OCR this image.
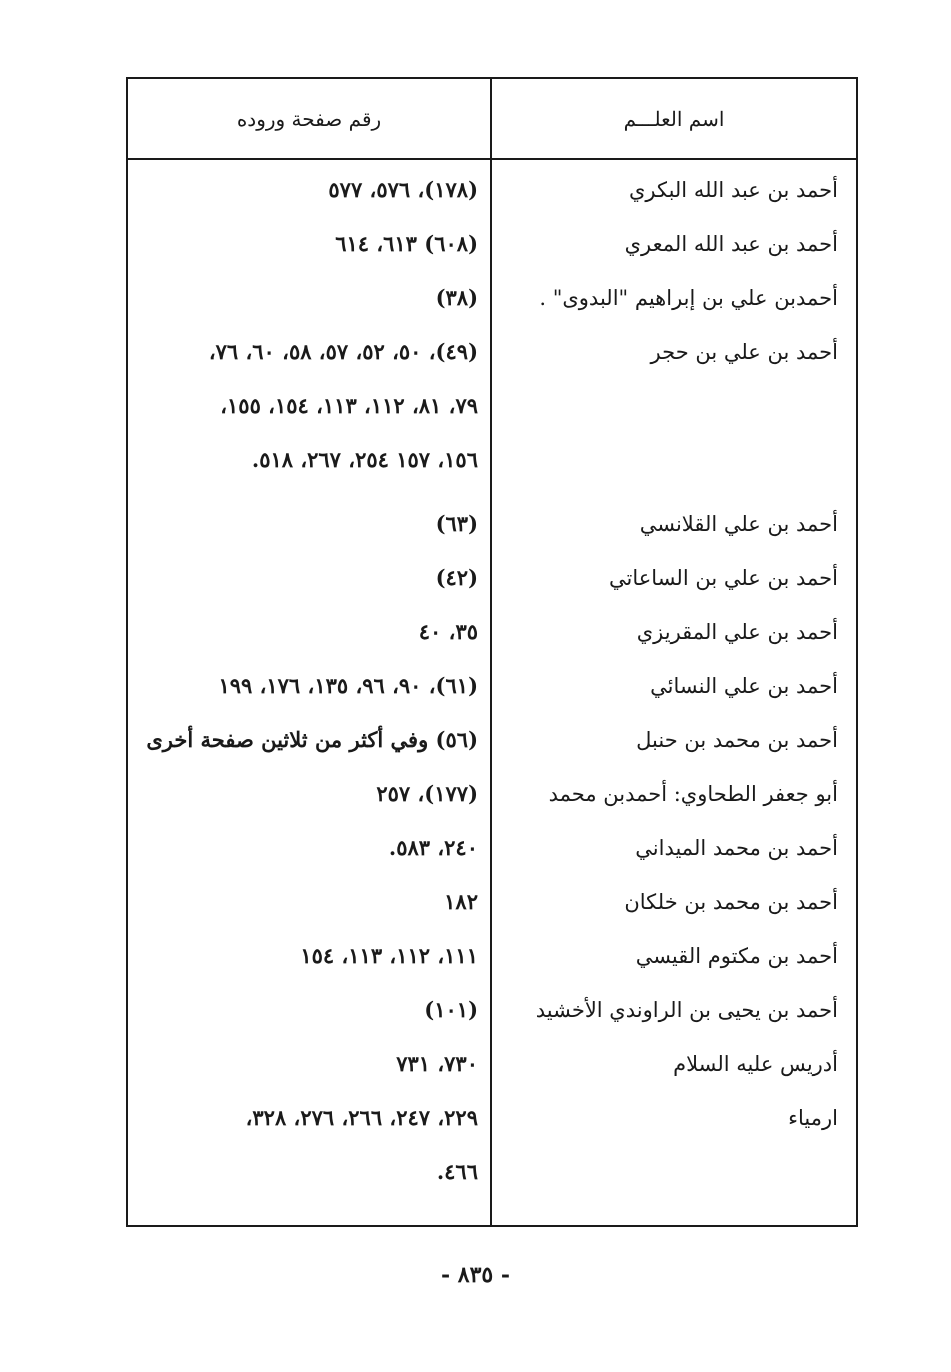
اسم العلـــم
رقم صفحة وروده
أحمد بن عبد الله البكري
(١٧٨)، ٥٧٦، ٥٧٧
أحمد بن عبد الله المعري
(٦٠٨) ٦١٣، ٦١٤
أحمدبن علي بن إبراهيم "البدوى" .
(٣٨)
أحمد بن علي بن حجر
(٤٩)، ٥٠، ٥٢، ٥٧، ٥٨، ٦٠، ٧٦،
٧٩، ٨١، ١١٢، ١١٣، ١٥٤، ١٥٥،
١٥٦، ١٥٧ ٢٥٤، ٢٦٧، ٥١٨.
أحمد بن علي القلانسي
(٦٣)
أحمد بن علي بن الساعاتي
(٤٢)
أحمد بن علي المقريزي
٣٥، ٤٠
أحمد بن علي النسائي
(٦١)، ٩٠، ٩٦، ١٣٥، ١٧٦، ١٩٩
أحمد بن محمد بن حنبل
(٥٦) وفي أكثر من ثلاثين صفحة أخرى
أبو جعفر الطحاوي: أحمدبن محمد
(١٧٧)، ٢٥٧
أحمد بن محمد الميداني
٢٤٠، ٥٨٣.
أحمد بن محمد بن خلكان
١٨٢
أحمد بن مكتوم القيسي
١١١، ١١٢، ١١٣، ١٥٤
أحمد بن يحيى بن الراوندي الأخشيد
(١٠١)
أدريس عليه السلام
٧٣٠، ٧٣١
ارمياء
٢٢٩، ٢٤٧، ٢٦٦، ٢٧٦، ٣٢٨،
٤٦٦.
- ٨٣٥ -
